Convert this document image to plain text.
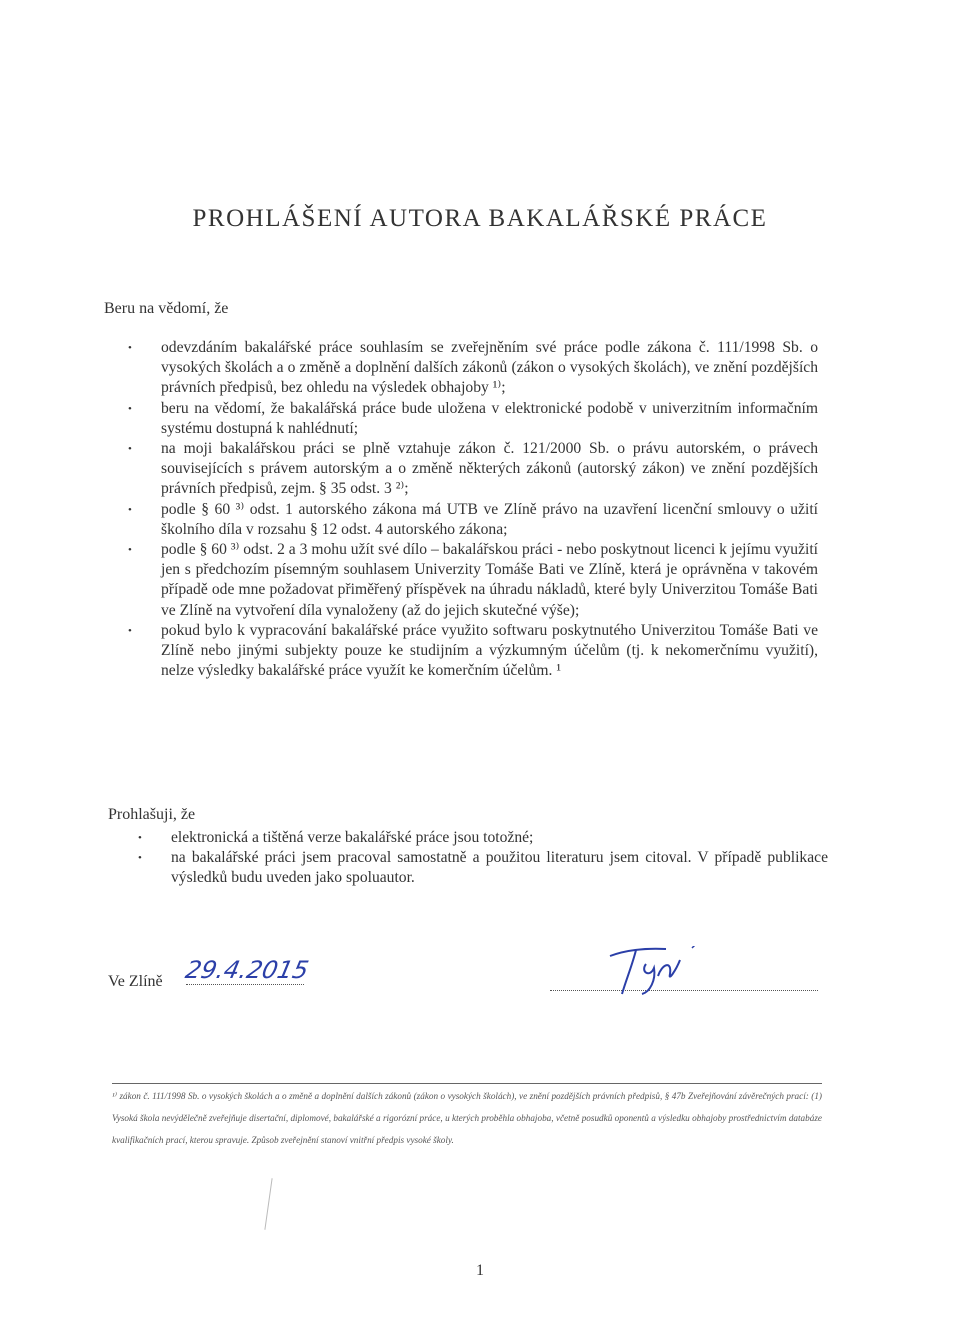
PROHLÁŠENÍ AUTORA BAKALÁŘSKÉ PRÁCE
Beru na vědomí, že
• odevzdáním bakalářské práce souhlasím se zveřejněním své práce podle zákona č. 111/1998 Sb. o vysokých školách a o změně a doplnění dalších zákonů (zákon o vysokých školách), ve znění pozdějších právních předpisů, bez ohledu na výsledek obhajoby ¹⁾;
• beru na vědomí, že bakalářská práce bude uložena v elektronické podobě v univerzitním informačním systému dostupná k nahlédnutí;
• na moji bakalářskou práci se plně vztahuje zákon č. 121/2000 Sb. o právu autorském, o právech souvisejících s právem autorským a o změně některých zákonů (autorský zákon) ve znění pozdějších právních předpisů, zejm. § 35 odst. 3 ²⁾;
• podle § 60 ³⁾ odst. 1 autorského zákona má UTB ve Zlíně právo na uzavření licenční smlouvy o užití školního díla v rozsahu § 12 odst. 4 autorského zákona;
• podle § 60 ³⁾ odst. 2 a 3 mohu užít své dílo – bakalářskou práci - nebo poskytnout licenci k jejímu využití jen s předchozím písemným souhlasem Univerzity Tomáše Bati ve Zlíně, která je oprávněna v takovém případě ode mne požadovat přiměřený příspěvek na úhradu nákladů, které byly Univerzitou Tomáše Bati ve Zlíně na vytvoření díla vynaloženy (až do jejich skutečné výše);
• pokud bylo k vypracování bakalářské práce využito softwaru poskytnutého Univerzitou Tomáše Bati ve Zlíně nebo jinými subjekty pouze ke studijním a výzkumným účelům (tj. k nekomerčnímu využití), nelze výsledky bakalářské práce využít ke komerčním účelům. ¹
Prohlašuji, že
• elektronická a tištěná verze bakalářské práce jsou totožné;
• na bakalářské práci jsem pracoval samostatně a použitou literaturu jsem citoval. V případě publikace výsledků budu uveden jako spoluautor.
Ve Zlíně 29.4.2015
¹⁾ zákon č. 111/1998 Sb. o vysokých školách a o změně a doplnění dalších zákonů (zákon o vysokých školách), ve znění pozdějších právních předpisů, § 47b Zveřejňování závěrečných prací: (1) Vysoká škola nevýdělečně zveřejňuje disertační, diplomové, bakalářské a rigorózní práce, u kterých proběhla obhajoba, včetně posudků oponentů a výsledku obhajoby prostřednictvím databáze kvalifikačních prací, kterou spravuje. Způsob zveřejnění stanoví vnitřní předpis vysoké školy.
1
